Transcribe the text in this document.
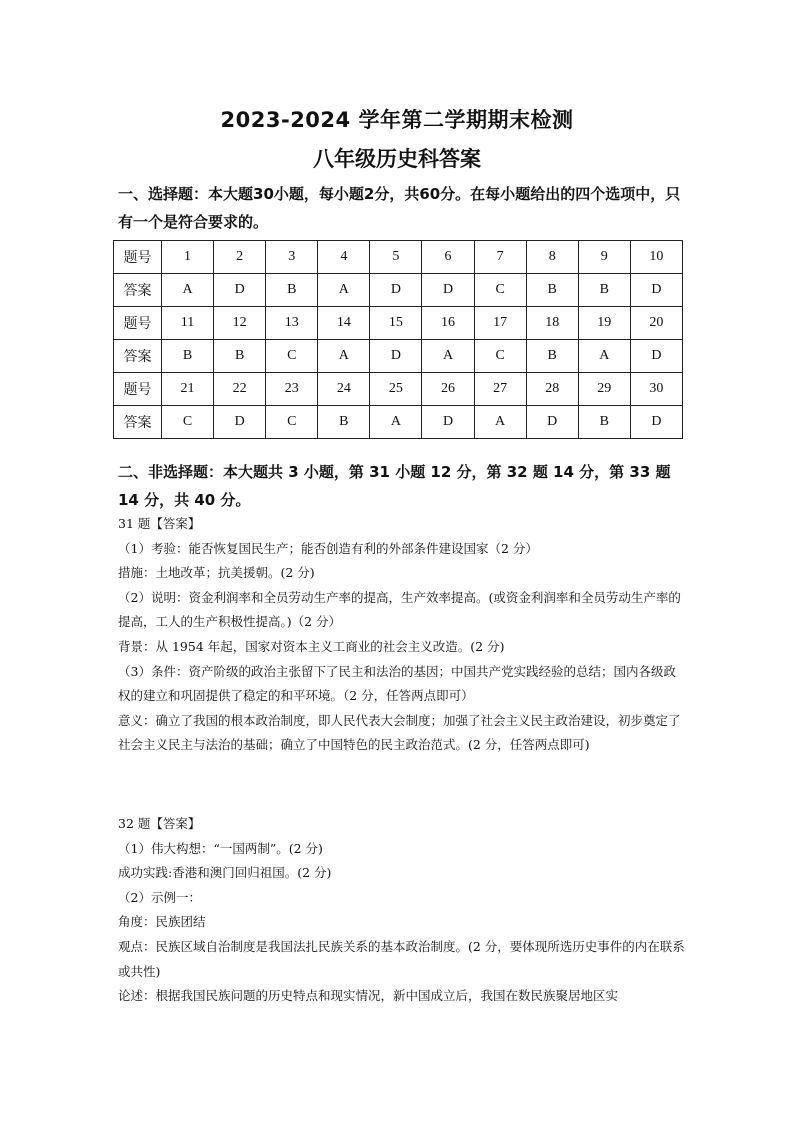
2023-2024 学年第二学期期末检测
八年级历史科答案
一、选择题：本大题30小题，每小题2分，共60分。在每小题给出的四个选项中，只有一个是符合要求的。
题号	1	2	3	4	5	6	7	8	9	10
答案	A	D	B	A	D	D	C	B	B	D
题号	11	12	13	14	15	16	17	18	19	20
答案	B	B	C	A	D	A	C	B	A	D
题号	21	22	23	24	25	26	27	28	29	30
答案	C	D	C	B	A	D	A	D	B	D
二、非选择题：本大题共 3 小题，第 31 小题 12 分，第 32 题 14 分，第 33 题 14 分，共 40 分。

31 题【答案】

（1）考验：能否恢复国民生产；能否创造有利的外部条件建设国家（2 分）

措施：土地改革；抗美援朝。(2 分)

（2）说明：资金利润率和全员劳动生产率的提高，生产效率提高。(或资金利润率和全员劳动生产率的提高，工人的生产积极性提高。)（2 分）

背景：从 1954 年起，国家对资本主义工商业的社会主义改造。(2 分)

（3）条件：资产阶级的政治主张留下了民主和法治的基因；中国共产党实践经验的总结；国内各级政权的建立和巩固提供了稳定的和平环境。（2 分，任答两点即可）

意义：确立了我国的根本政治制度，即人民代表大会制度；加强了社会主义民主政治建设，初步奠定了社会主义民主与法治的基础；确立了中国特色的民主政治范式。(2 分，任答两点即可)

32 题【答案】

（1）伟大构想：“一国两制”。(2 分)

成功实践:香港和澳门回归祖国。(2 分)

（2）示例一：

角度：民族团结

观点：民族区域自治制度是我国法扎民族关系的基本政治制度。(2 分，要体现所选历史事件的内在联系或共性)

论述：根据我国民族问题的历史特点和现实情况，新中国成立后，我国在数民族聚居地区实
